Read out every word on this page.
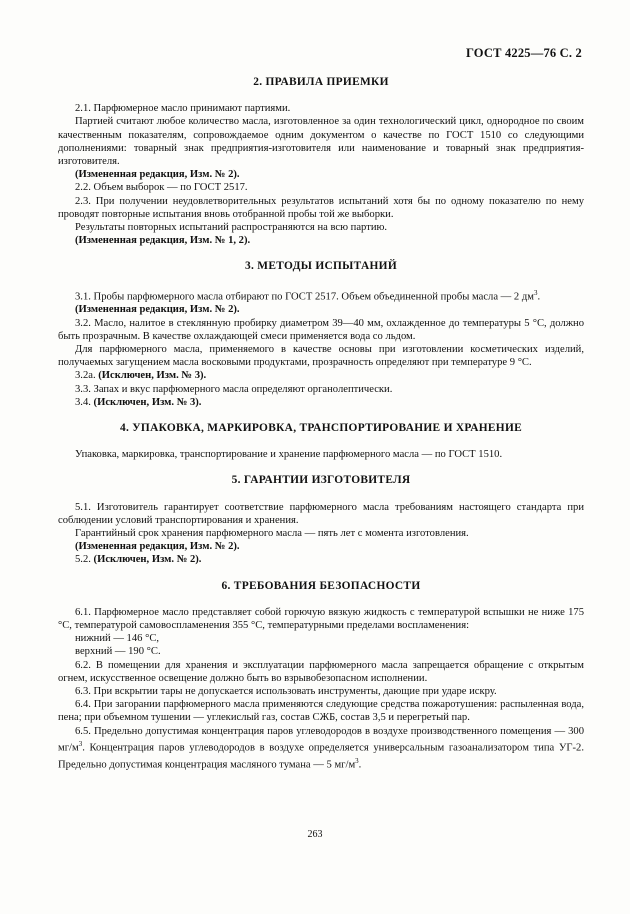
ГОСТ 4225—76 С. 2
2. ПРАВИЛА ПРИЕМКИ

2.1. Парфюмерное масло принимают партиями.

Партией считают любое количество масла, изготовленное за один технологический цикл, однородное по своим качественным показателям, сопровождаемое одним документом о качестве по ГОСТ 1510 со следующими дополнениями: товарный знак предприятия-изготовителя или наименование и товарный знак предприятия-изготовителя.

(Измененная редакция, Изм. № 2).

2.2. Объем выборок — по ГОСТ 2517.

2.3. При получении неудовлетворительных результатов испытаний хотя бы по одному показателю по нему проводят повторные испытания вновь отобранной пробы той же выборки.

Результаты повторных испытаний распространяются на всю партию.

(Измененная редакция, Изм. № 1, 2).

3. МЕТОДЫ ИСПЫТАНИЙ

3.1. Пробы парфюмерного масла отбирают по ГОСТ 2517. Объем объединенной пробы масла — 2 $дм^3$.

(Измененная редакция, Изм. № 2).

3.2. Масло, налитое в стеклянную пробирку диаметром 39—40 мм, охлажденное до температуры 5 °С, должно быть прозрачным. В качестве охлаждающей смеси применяется вода со льдом.

Для парфюмерного масла, применяемого в качестве основы при изготовлении косметических изделий, получаемых загущением масла восковыми продуктами, прозрачность определяют при температуре 9 °С.

3.2а. (Исключен, Изм. № 3).

3.3. Запах и вкус парфюмерного масла определяют органолептически.

3.4. (Исключен, Изм. № 3).

4. УПАКОВКА, МАРКИРОВКА, ТРАНСПОРТИРОВАНИЕ И ХРАНЕНИЕ

Упаковка, маркировка, транспортирование и хранение парфюмерного масла — по ГОСТ 1510.

5. ГАРАНТИИ ИЗГОТОВИТЕЛЯ

5.1. Изготовитель гарантирует соответствие парфюмерного масла требованиям настоящего стандарта при соблюдении условий транспортирования и хранения.

Гарантийный срок хранения парфюмерного масла — пять лет с момента изготовления.

(Измененная редакция, Изм. № 2).

5.2. (Исключен, Изм. № 2).

6. ТРЕБОВАНИЯ БЕЗОПАСНОСТИ

6.1. Парфюмерное масло представляет собой горючую вязкую жидкость с температурой вспышки не ниже 175 °С, температурой самовоспламенения 355 °С, температурными пределами воспламенения:

нижний — 146 °С,

верхний — 190 °С.

6.2. В помещении для хранения и эксплуатации парфюмерного масла запрещается обращение с открытым огнем, искусственное освещение должно быть во взрывобезопасном исполнении.

6.3. При вскрытии тары не допускается использовать инструменты, дающие при ударе искру.

6.4. При загорании парфюмерного масла применяются следующие средства пожаротушения: распыленная вода, пена; при объемном тушении — углекислый газ, состав СЖБ, состав 3,5 и перегретый пар.

6.5. Предельно допустимая концентрация паров углеводородов в воздухе производственного помещения — 300 $мг/м^3$. Концентрация паров углеводородов в воздухе определяется универсальным газоанализатором типа УГ-2. Предельно допустимая концентрация масляного тумана — 5 $мг/м^3$.

263
